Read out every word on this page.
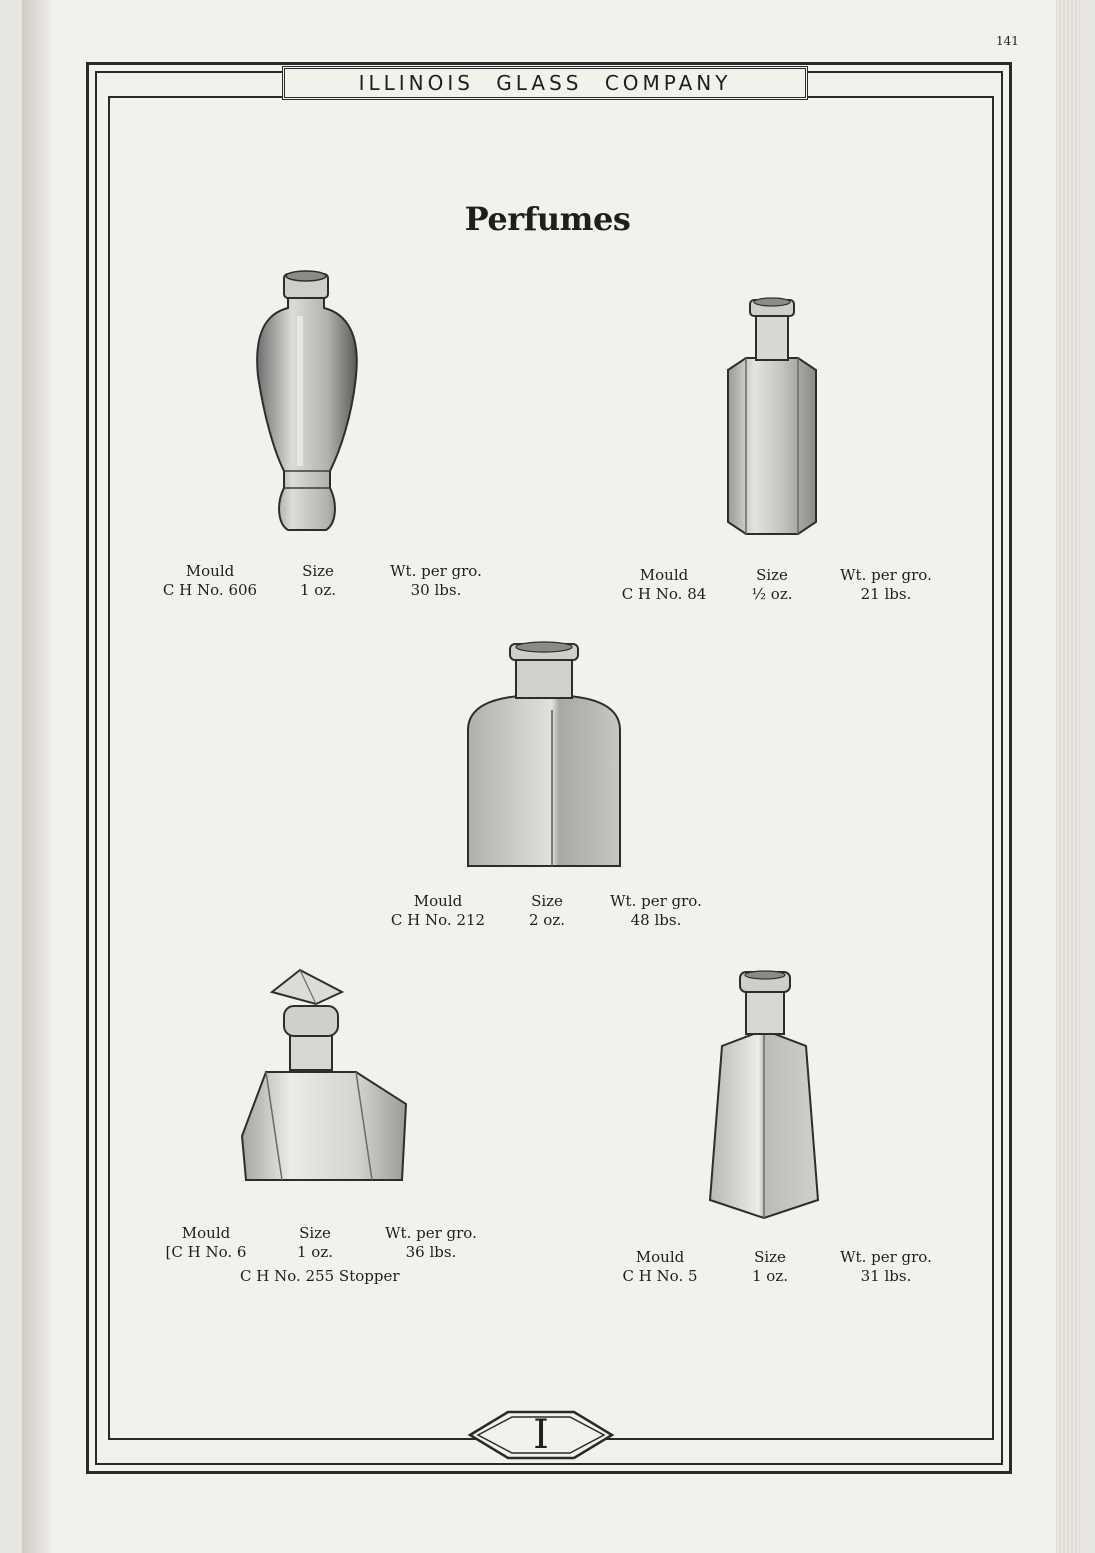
141
ILLINOIS GLASS COMPANY
Perfumes
Mould
C H No. 606
Size
1 oz.
Wt. per gro.
30 lbs.
Mould
C H No. 84
Size
½ oz.
Wt. per gro.
21 lbs.
Mould
C H No. 212
Size
2 oz.
Wt. per gro.
48 lbs.
Mould
[C H No. 6
Size
1 oz.
Wt. per gro.
36 lbs.
C H No. 255 Stopper
Mould
C H No. 5
Size
1 oz.
Wt. per gro.
31 lbs.
I
